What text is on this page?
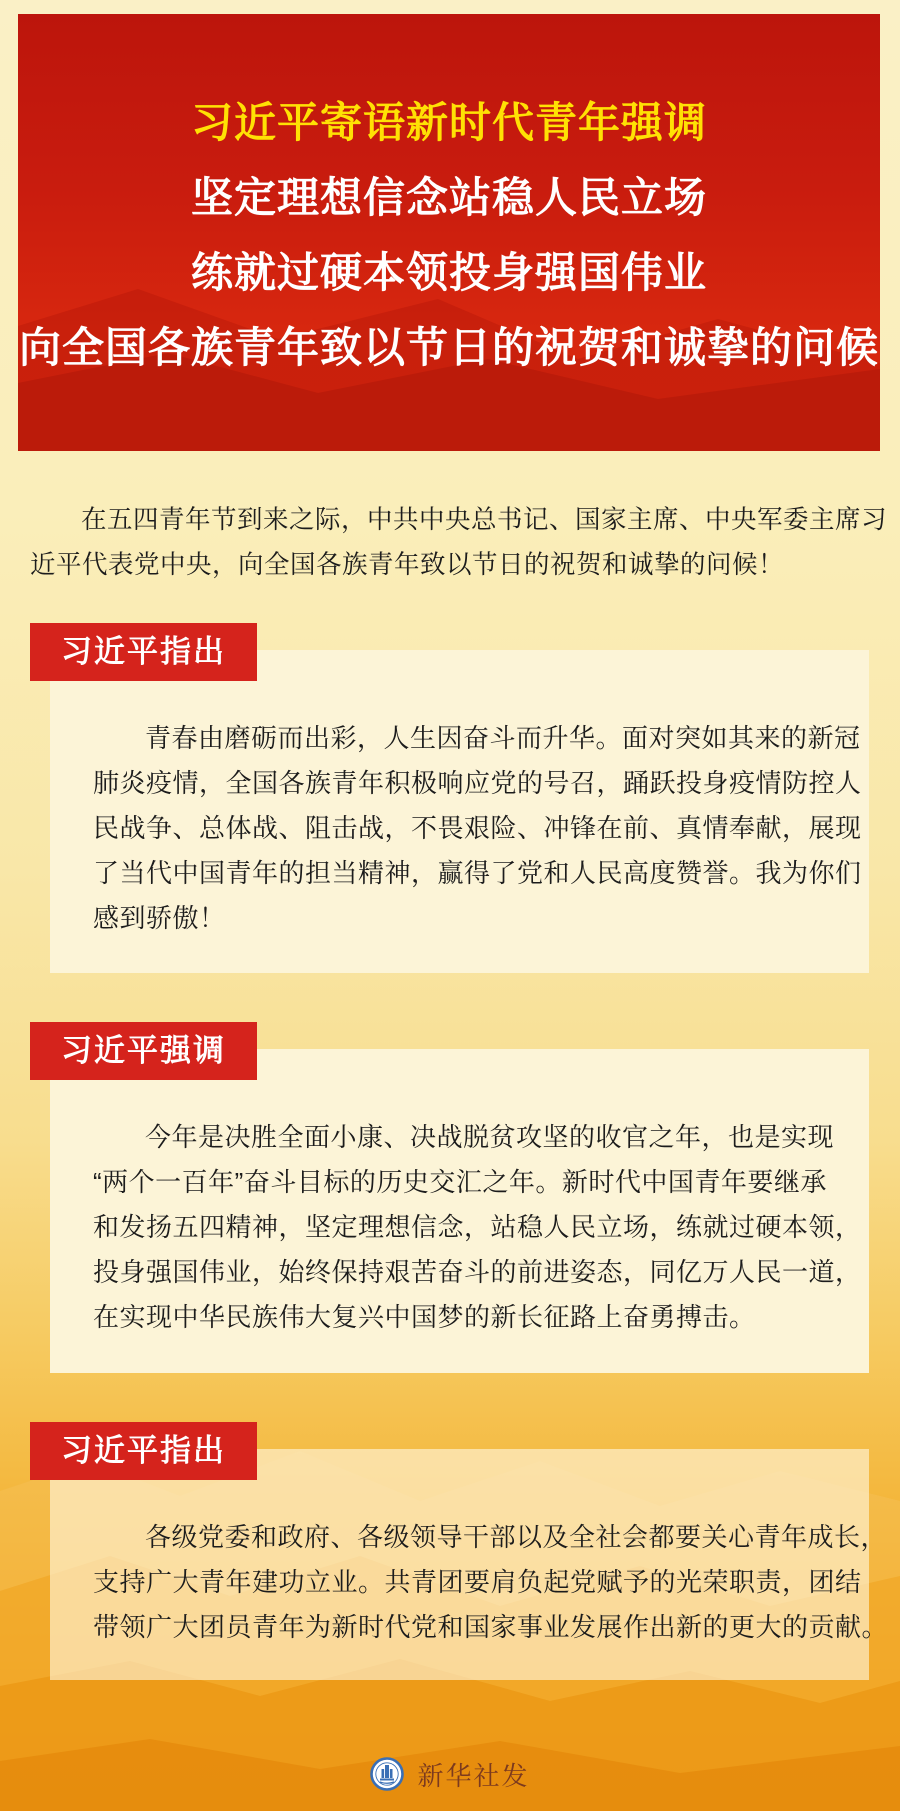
习近平寄语新时代青年强调
坚定理想信念站稳人民立场
练就过硬本领投身强国伟业
向全国各族青年致以节日的祝贺和诚挚的问候
在五四青年节到来之际，中共中央总书记、国家主席、中央军委主席习
近平代表党中央，向全国各族青年致以节日的祝贺和诚挚的问候！
习近平指出
青春由磨砺而出彩，人生因奋斗而升华。面对突如其来的新冠
肺炎疫情，全国各族青年积极响应党的号召，踊跃投身疫情防控人
民战争、总体战、阻击战，不畏艰险、冲锋在前、真情奉献，展现
了当代中国青年的担当精神，赢得了党和人民高度赞誉。我为你们
感到骄傲！
习近平强调
今年是决胜全面小康、决战脱贫攻坚的收官之年，也是实现
“两个一百年”奋斗目标的历史交汇之年。新时代中国青年要继承
和发扬五四精神，坚定理想信念，站稳人民立场，练就过硬本领，
投身强国伟业，始终保持艰苦奋斗的前进姿态，同亿万人民一道，
在实现中华民族伟大复兴中国梦的新长征路上奋勇搏击。
习近平指出
各级党委和政府、各级领导干部以及全社会都要关心青年成长，
支持广大青年建功立业。共青团要肩负起党赋予的光荣职责，团结
带领广大团员青年为新时代党和国家事业发展作出新的更大的贡献。
新华社发
